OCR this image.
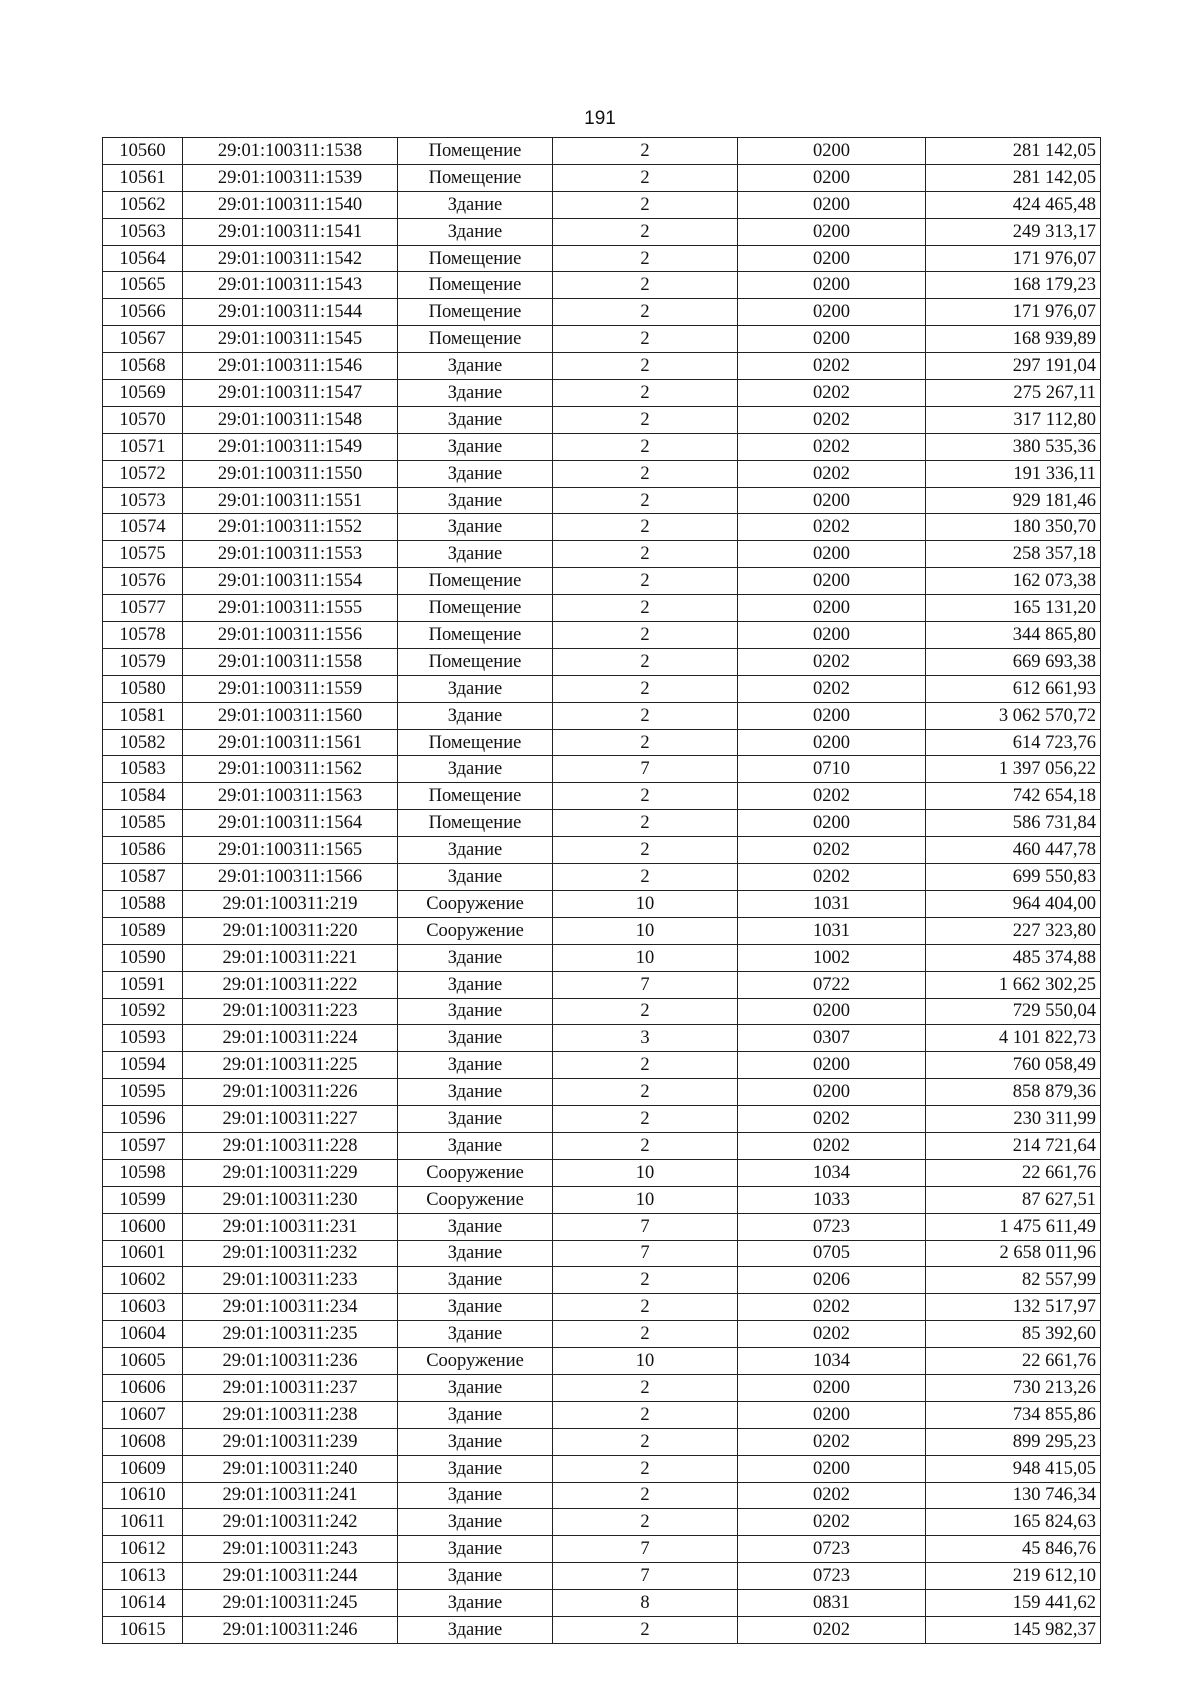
191
10560	29:01:100311:1538	Помещение	2	0200	281 142,05
10561	29:01:100311:1539	Помещение	2	0200	281 142,05
10562	29:01:100311:1540	Здание	2	0200	424 465,48
10563	29:01:100311:1541	Здание	2	0200	249 313,17
10564	29:01:100311:1542	Помещение	2	0200	171 976,07
10565	29:01:100311:1543	Помещение	2	0200	168 179,23
10566	29:01:100311:1544	Помещение	2	0200	171 976,07
10567	29:01:100311:1545	Помещение	2	0200	168 939,89
10568	29:01:100311:1546	Здание	2	0202	297 191,04
10569	29:01:100311:1547	Здание	2	0202	275 267,11
10570	29:01:100311:1548	Здание	2	0202	317 112,80
10571	29:01:100311:1549	Здание	2	0202	380 535,36
10572	29:01:100311:1550	Здание	2	0202	191 336,11
10573	29:01:100311:1551	Здание	2	0200	929 181,46
10574	29:01:100311:1552	Здание	2	0202	180 350,70
10575	29:01:100311:1553	Здание	2	0200	258 357,18
10576	29:01:100311:1554	Помещение	2	0200	162 073,38
10577	29:01:100311:1555	Помещение	2	0200	165 131,20
10578	29:01:100311:1556	Помещение	2	0200	344 865,80
10579	29:01:100311:1558	Помещение	2	0202	669 693,38
10580	29:01:100311:1559	Здание	2	0202	612 661,93
10581	29:01:100311:1560	Здание	2	0200	3 062 570,72
10582	29:01:100311:1561	Помещение	2	0200	614 723,76
10583	29:01:100311:1562	Здание	7	0710	1 397 056,22
10584	29:01:100311:1563	Помещение	2	0202	742 654,18
10585	29:01:100311:1564	Помещение	2	0200	586 731,84
10586	29:01:100311:1565	Здание	2	0202	460 447,78
10587	29:01:100311:1566	Здание	2	0202	699 550,83
10588	29:01:100311:219	Сооружение	10	1031	964 404,00
10589	29:01:100311:220	Сооружение	10	1031	227 323,80
10590	29:01:100311:221	Здание	10	1002	485 374,88
10591	29:01:100311:222	Здание	7	0722	1 662 302,25
10592	29:01:100311:223	Здание	2	0200	729 550,04
10593	29:01:100311:224	Здание	3	0307	4 101 822,73
10594	29:01:100311:225	Здание	2	0200	760 058,49
10595	29:01:100311:226	Здание	2	0200	858 879,36
10596	29:01:100311:227	Здание	2	0202	230 311,99
10597	29:01:100311:228	Здание	2	0202	214 721,64
10598	29:01:100311:229	Сооружение	10	1034	22 661,76
10599	29:01:100311:230	Сооружение	10	1033	87 627,51
10600	29:01:100311:231	Здание	7	0723	1 475 611,49
10601	29:01:100311:232	Здание	7	0705	2 658 011,96
10602	29:01:100311:233	Здание	2	0206	82 557,99
10603	29:01:100311:234	Здание	2	0202	132 517,97
10604	29:01:100311:235	Здание	2	0202	85 392,60
10605	29:01:100311:236	Сооружение	10	1034	22 661,76
10606	29:01:100311:237	Здание	2	0200	730 213,26
10607	29:01:100311:238	Здание	2	0200	734 855,86
10608	29:01:100311:239	Здание	2	0202	899 295,23
10609	29:01:100311:240	Здание	2	0200	948 415,05
10610	29:01:100311:241	Здание	2	0202	130 746,34
10611	29:01:100311:242	Здание	2	0202	165 824,63
10612	29:01:100311:243	Здание	7	0723	45 846,76
10613	29:01:100311:244	Здание	7	0723	219 612,10
10614	29:01:100311:245	Здание	8	0831	159 441,62
10615	29:01:100311:246	Здание	2	0202	145 982,37
